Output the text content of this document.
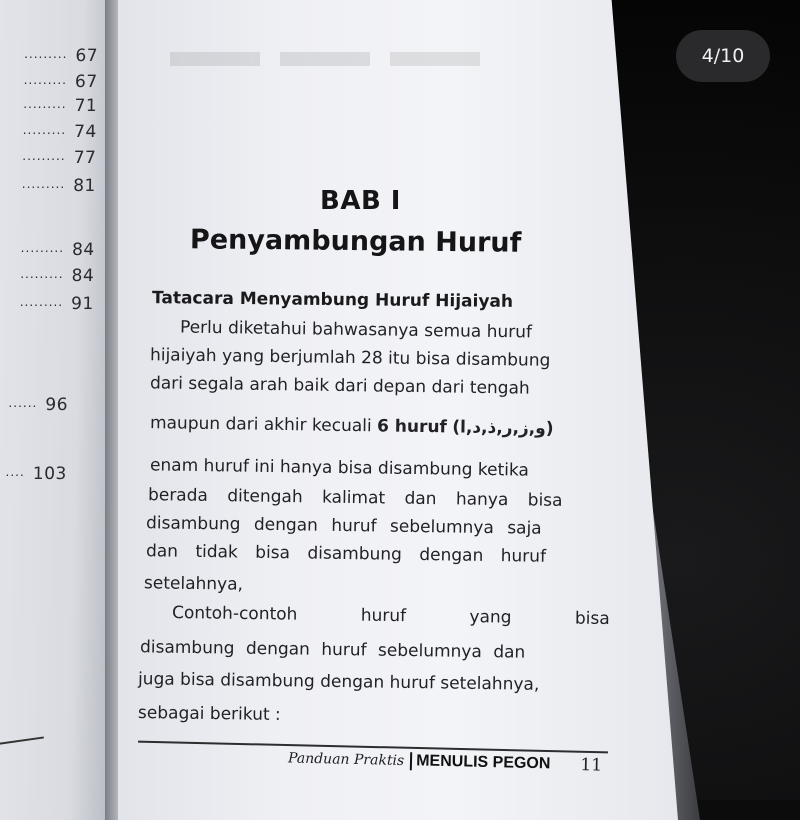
......... 67
......... 67
......... 71
......... 74
......... 77
......... 81
......... 84
......... 84
......... 91
...... 96
.... 103
BAB I
Penyambungan Huruf
Tatacara Menyambung Huruf Hijaiyah
Perlu diketahui bahwasanya semua huruf
hijaiyah yang berjumlah 28 itu bisa disambung
dari segala arah baik dari depan dari tengah
maupun dari akhir kecuali 6 huruf (و,ز,ر,ذ,د,ا)
enam huruf ini hanya bisa disambung ketika
berada ditengah kalimat dan hanya bisa
disambung dengan huruf sebelumnya saja
dan tidak bisa disambung dengan huruf
setelahnya,
Contoh-contoh huruf yang bisa
disambung dengan huruf sebelumnya dan
juga bisa disambung dengan huruf setelahnya,
sebagai berikut :
Panduan Praktis MENULIS PEGON 11
4/10
